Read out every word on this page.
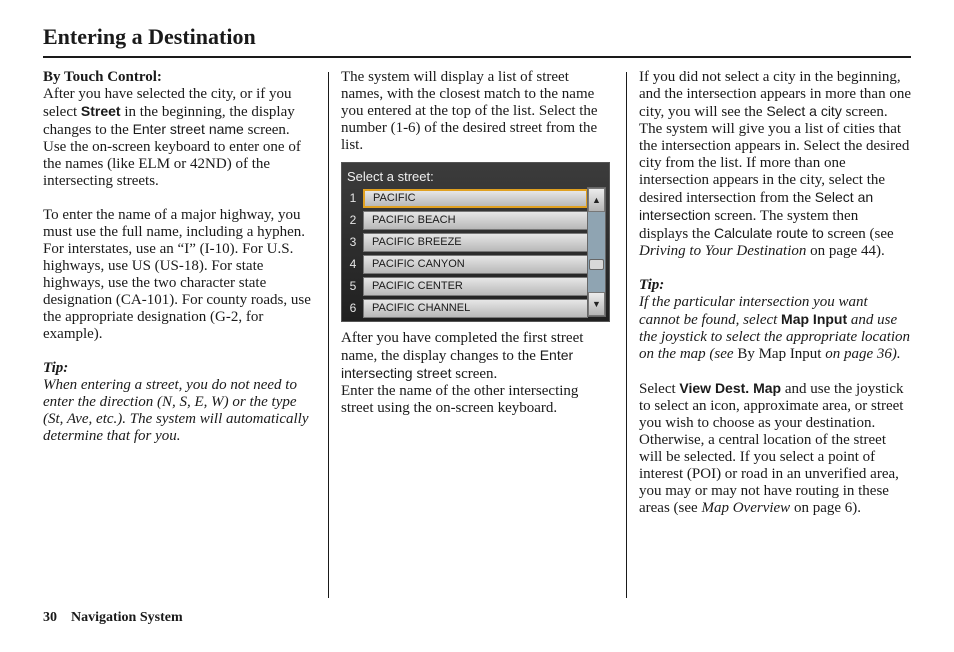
Entering a Destination

By Touch Control:
After you have selected the city, or if you select Street in the beginning, the display changes to the Enter street name screen. Use the on-screen keyboard to enter one of the names (like ELM or 42ND) of the intersecting streets.

To enter the name of a major highway, you must use the full name, including a hyphen. For interstates, use an “I” (I-10). For U.S. highways, use US (US-18). For state highways, use the two character state designation (CA-101). For county roads, use the appropriate designation (G-2, for example).

Tip:

When entering a street, you do not need to enter the direction (N, S, E, W) or the type (St, Ave, etc.). The system will automatically determine that for you.

The system will display a list of street names, with the closest match to the name you entered at the top of the list. Select the number (1-6) of the desired street from the list.

Select a street:
1	PACIFIC
2	PACIFIC BEACH
3	PACIFIC BREEZE
4	PACIFIC CANYON
5	PACIFIC CENTER
6	PACIFIC CHANNEL
▲
▼

After you have completed the first street name, the display changes to the Enter intersecting street screen.

Enter the name of the other intersecting street using the on-screen keyboard.

If you did not select a city in the beginning, and the intersection appears in more than one city, you will see the Select a city screen. The system will give you a list of cities that the intersection appears in. Select the desired city from the list. If more than one intersection appears in the city, select the desired intersection from the Select an intersection screen. The system then displays the Calculate route to screen (see Driving to Your Destination on page 44).

Tip:

If the particular intersection you want cannot be found, select Map Input and use the joystick to select the appropriate location on the map (see By Map Input on page 36).

Select View Dest. Map and use the joystick to select an icon, approximate area, or street you wish to choose as your destination. Otherwise, a central location of the street will be selected. If you select a point of interest (POI) or road in an unverified area, you may or may not have routing in these areas (see Map Overview on page 6).

30 Navigation System
